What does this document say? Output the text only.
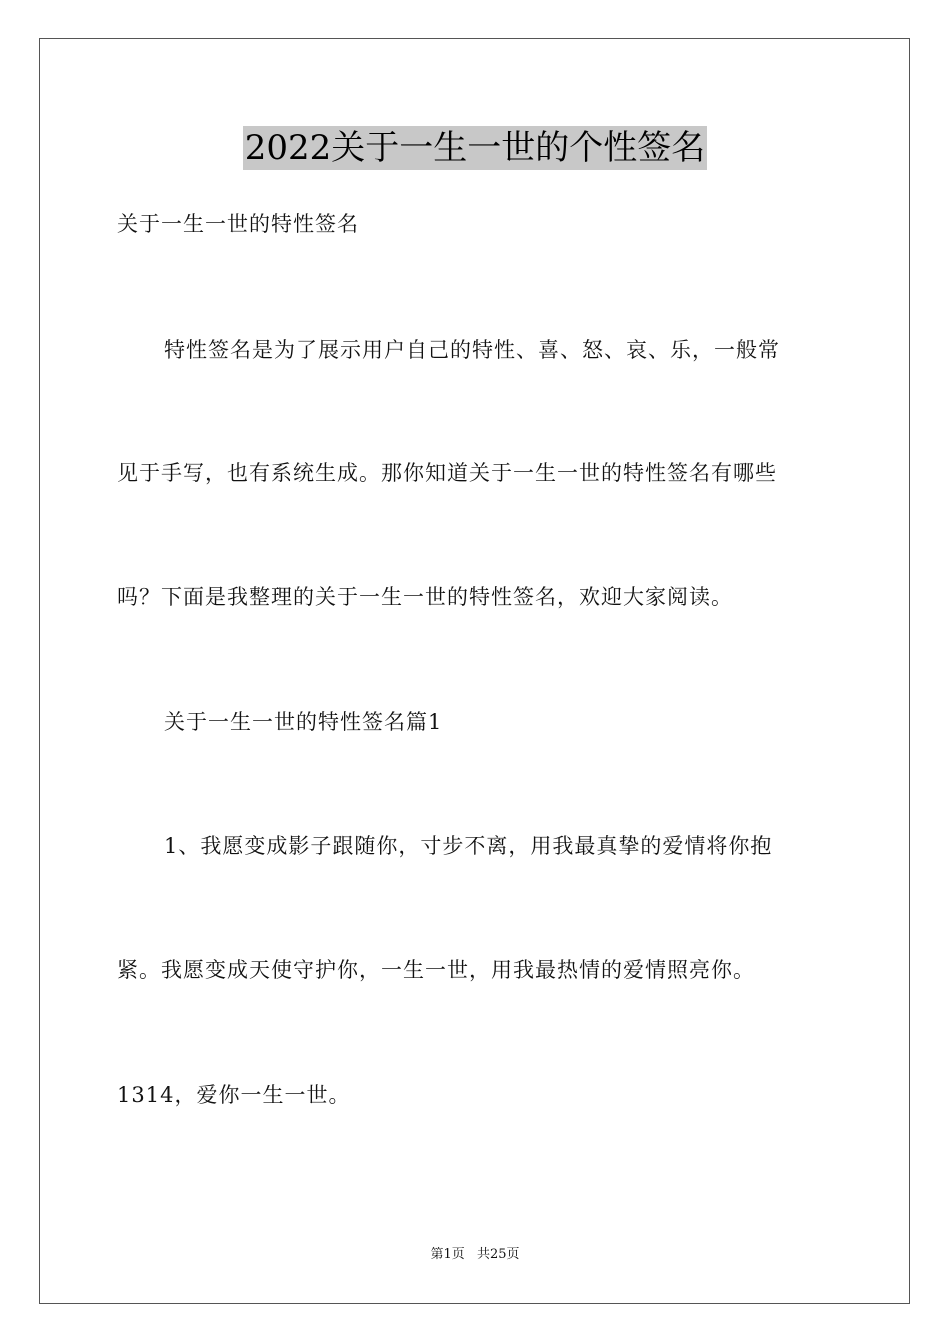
2022关于一生一世的个性签名
关于一生一世的特性签名
特性签名是为了展示用户自己的特性、喜、怒、哀、乐，一般常
见于手写，也有系统生成。那你知道关于一生一世的特性签名有哪些
吗？下面是我整理的关于一生一世的特性签名，欢迎大家阅读。
关于一生一世的特性签名篇1
1、我愿变成影子跟随你，寸步不离，用我最真挚的爱情将你抱
紧。我愿变成天使守护你，一生一世，用我最热情的爱情照亮你。
1314，爱你一生一世。
第1页 共25页
